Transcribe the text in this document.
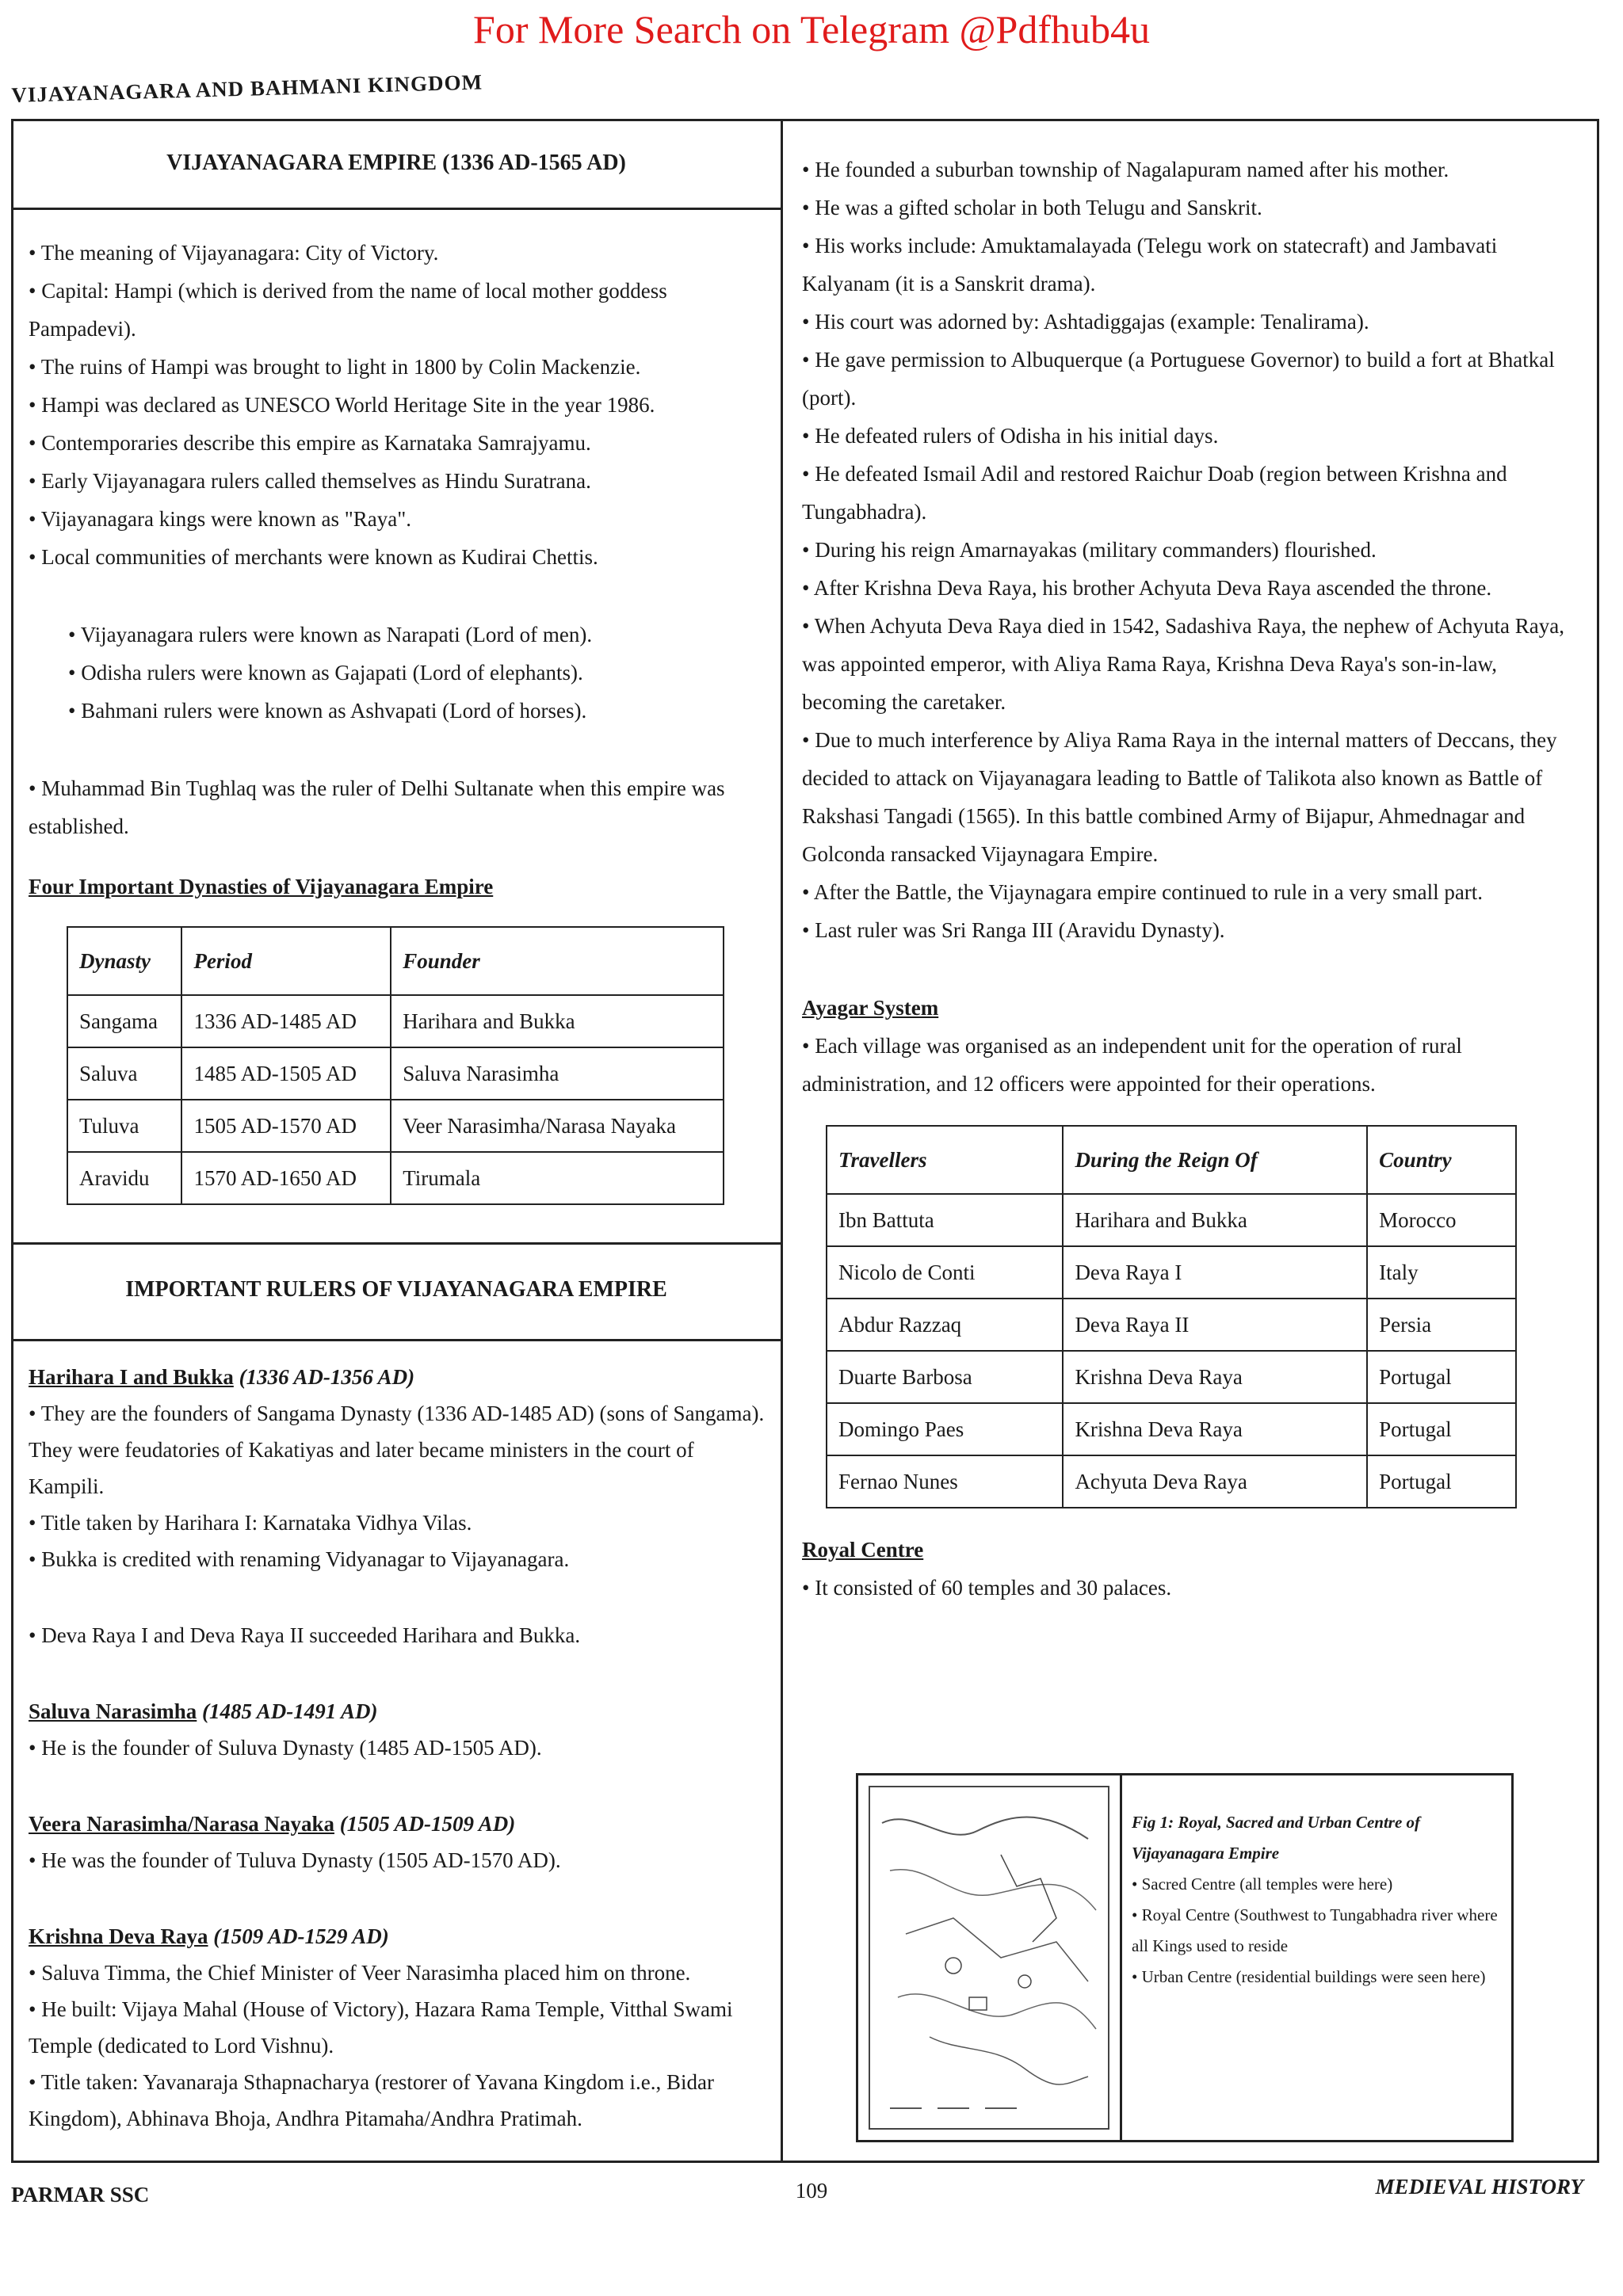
For More Search on Telegram @Pdfhub4u
VIJAYANAGARA AND BAHMANI KINGDOM
VIJAYANAGARA EMPIRE (1336 AD-1565 AD)

• The meaning of Vijayanagara: City of Victory.

• Capital: Hampi (which is derived from the name of local mother goddess Pampadevi).

• The ruins of Hampi was brought to light in 1800 by Colin Mackenzie.

• Hampi was declared as UNESCO World Heritage Site in the year 1986.

• Contemporaries describe this empire as Karnataka Samrajyamu.

• Early Vijayanagara rulers called themselves as Hindu Suratrana.

• Vijayanagara kings were known as "Raya".

• Local communities of merchants were known as Kudirai Chettis.

• Vijayanagara rulers were known as Narapati (Lord of men).

• Odisha rulers were known as Gajapati (Lord of elephants).

• Bahmani rulers were known as Ashvapati (Lord of horses).

• Muhammad Bin Tughlaq was the ruler of Delhi Sultanate when this empire was established.

Four Important Dynasties of Vijayanagara Empire

Dynasty	Period	Founder
Sangama	1336 AD-1485 AD	Harihara and Bukka
Saluva	1485 AD-1505 AD	Saluva Narasimha
Tuluva	1505 AD-1570 AD	Veer Narasimha/Narasa Nayaka
Aravidu	1570 AD-1650 AD	Tirumala
IMPORTANT RULERS OF VIJAYANAGARA EMPIRE

Harihara I and Bukka (1336 AD-1356 AD)

• They are the founders of Sangama Dynasty (1336 AD-1485 AD) (sons of Sangama). They were feudatories of Kakatiyas and later became ministers in the court of Kampili.

• Title taken by Harihara I: Karnataka Vidhya Vilas.

• Bukka is credited with renaming Vidyanagar to Vijayanagara.

• Deva Raya I and Deva Raya II succeeded Harihara and Bukka.

Saluva Narasimha (1485 AD-1491 AD)

• He is the founder of Suluva Dynasty (1485 AD-1505 AD).

Veera Narasimha/Narasa Nayaka (1505 AD-1509 AD)

• He was the founder of Tuluva Dynasty (1505 AD-1570 AD).

Krishna Deva Raya (1509 AD-1529 AD)

• Saluva Timma, the Chief Minister of Veer Narasimha placed him on throne.

• He built: Vijaya Mahal (House of Victory), Hazara Rama Temple, Vitthal Swami Temple (dedicated to Lord Vishnu).

• Title taken: Yavanaraja Sthapnacharya (restorer of Yavana Kingdom i.e., Bidar Kingdom), Abhinava Bhoja, Andhra Pitamaha/Andhra Pratimah.

• He founded a suburban township of Nagalapuram named after his mother.

• He was a gifted scholar in both Telugu and Sanskrit.

• His works include: Amuktamalayada (Telegu work on statecraft) and Jambavati Kalyanam (it is a Sanskrit drama).

• His court was adorned by: Ashtadiggajas (example: Tenalirama).

• He gave permission to Albuquerque (a Portuguese Governor) to build a fort at Bhatkal (port).

• He defeated rulers of Odisha in his initial days.

• He defeated Ismail Adil and restored Raichur Doab (region between Krishna and Tungabhadra).

• During his reign Amarnayakas (military commanders) flourished.

• After Krishna Deva Raya, his brother Achyuta Deva Raya ascended the throne.

• When Achyuta Deva Raya died in 1542, Sadashiva Raya, the nephew of Achyuta Raya, was appointed emperor, with Aliya Rama Raya, Krishna Deva Raya's son-in-law, becoming the caretaker.

• Due to much interference by Aliya Rama Raya in the internal matters of Deccans, they decided to attack on Vijayanagara leading to Battle of Talikota also known as Battle of Rakshasi Tangadi (1565). In this battle combined Army of Bijapur, Ahmednagar and Golconda ransacked Vijaynagara Empire.

• After the Battle, the Vijaynagara empire continued to rule in a very small part.

• Last ruler was Sri Ranga III (Aravidu Dynasty).

Ayagar System

• Each village was organised as an independent unit for the operation of rural administration, and 12 officers were appointed for their operations.

Travellers	During the Reign Of	Country
Ibn Battuta	Harihara and Bukka	Morocco
Nicolo de Conti	Deva Raya I	Italy
Abdur Razzaq	Deva Raya II	Persia
Duarte Barbosa	Krishna Deva Raya	Portugal
Domingo Paes	Krishna Deva Raya	Portugal
Fernao Nunes	Achyuta Deva Raya	Portugal

Royal Centre

• It consisted of 60 temples and 30 palaces.

Fig 1: Royal, Sacred and Urban Centre of Vijayanagara Empire

• Sacred Centre (all temples were here)

• Royal Centre (Southwest to Tungabhadra river where all Kings used to reside

• Urban Centre (residential buildings were seen here)

PARMAR SSC	109	MEDIEVAL HISTORY
